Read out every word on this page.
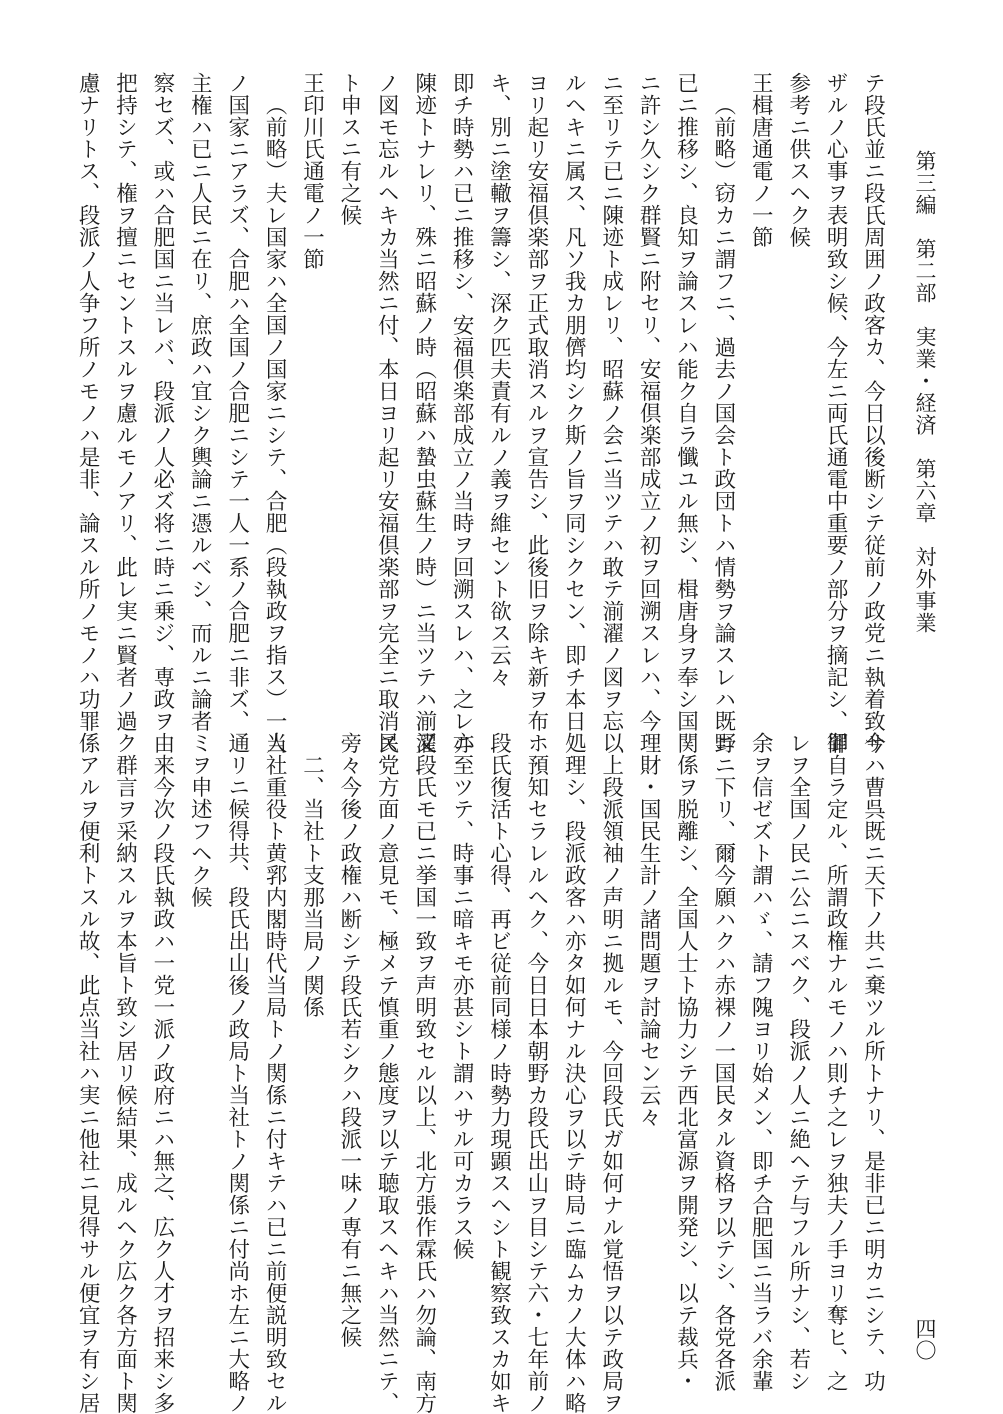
第三編　第二部　実業・経済　第六章　対外事業
四〇
テ段氏並ニ段氏周囲ノ政客カ、今日以後断シテ従前ノ政党ニ執着致サ
ザルノ心事ヲ表明致シ候、今左ニ両氏通電中重要ノ部分ヲ摘記シ、御
参考ニ供スヘク候
王楫唐通電ノ一節
（前略）窃カニ謂フニ、過去ノ国会ト政団トハ情勢ヲ論スレハ既ニ
已ニ推移シ、良知ヲ論スレハ能ク自ラ懺ユル無シ、楫唐身ヲ奉シ国
ニ許シ久シク群賢ニ附セリ、安福倶楽部成立ノ初ヲ回溯スレハ、今
ニ至リテ已ニ陳迹ト成レリ、昭蘇ノ会ニ当ツテハ敢テ湔濯ノ図ヲ忘
ルヘキニ属ス、凡ソ我カ朋儕均シク斯ノ旨ヲ同シクセン、即チ本日
ヨリ起リ安福倶楽部ヲ正式取消スルヲ宣告シ、此後旧ヲ除キ新ヲ布
キ、別ニ塗轍ヲ籌シ、深ク匹夫責有ルノ義ヲ維セント欲ス云々
即チ時勢ハ已ニ推移シ、安福倶楽部成立ノ当時ヲ回溯スレハ、之レ亦
陳迹トナレリ、殊ニ昭蘇ノ時（昭蘇ハ蟄虫蘇生ノ時）ニ当ツテハ湔濯
ノ図モ忘ルヘキカ当然ニ付、本日ヨリ起リ安福倶楽部ヲ完全ニ取消ス
ト申スニ有之候
王印川氏通電ノ一節
（前略）夫レ国家ハ全国ノ国家ニシテ、合肥（段執政ヲ指ス）一人
ノ国家ニアラズ、合肥ハ全国ノ合肥ニシテ一人一系ノ合肥ニ非ズ、
主権ハ已ニ人民ニ在リ、庶政ハ宜シク輿論ニ憑ルベシ、而ルニ論者
察セズ、或ハ合肥国ニ当レバ、段派ノ人必ズ将ニ時ニ乗ジ、専政ヲ
把持シテ、権ヲ擅ニセントスルヲ慮ルモノアリ、此レ実ニ賢者ノ過
慮ナリトス、段派ノ人争フ所ノモノハ是非、論スル所ノモノハ功罪
今ハ曹呉既ニ天下ノ共ニ棄ツル所トナリ、是非已ニ明カニシテ、功
罪自ラ定ル、所謂政権ナルモノハ則チ之レヲ独夫ノ手ヨリ奪ヒ、之
レヲ全国ノ民ニ公ニスベク、段派ノ人ニ絶ヘテ与フル所ナシ、若シ
余ヲ信ゼズト謂ハゞ、請フ隗ヨリ始メン、即チ合肥国ニ当ラバ余輩
野ニ下リ、爾今願ハクハ赤裸ノ一国民タル資格ヲ以テシ、各党各派
関係ヲ脱離シ、全国人士ト協力シテ西北富源ヲ開発シ、以テ裁兵・
理財・国民生計ノ諸問題ヲ討論セン云々
以上段派領袖ノ声明ニ拠ルモ、今回段氏ガ如何ナル覚悟ヲ以テ政局ヲ
処理シ、段派政客ハ亦タ如何ナル決心ヲ以テ時局ニ臨ムカノ大体ハ略
ホ預知セラレルヘク、今日日本朝野カ段氏出山ヲ目シテ六・七年前ノ
段氏復活ト心得、再ビ従前同様ノ時勢力現顕スヘシト観察致スカ如キ
ニ至ツテ、時事ニ暗キモ亦甚シト謂ハサル可カラス候
又段氏モ已ニ挙国一致ヲ声明致セル以上、北方張作霖氏ハ勿論、南方
民党方面ノ意見モ、極メテ慎重ノ態度ヲ以テ聴取スヘキハ当然ニテ、
旁々今後ノ政権ハ断シテ段氏若シクハ段派一味ノ専有ニ無之候
二、当社ト支那当局ノ関係
当社重役ト黄郛内閣時代当局トノ関係ニ付キテハ已ニ前便説明致セル
通リニ候得共、段氏出山後ノ政局ト当社トノ関係ニ付尚ホ左ニ大略ノ
ミヲ申述フヘク候
由来今次ノ段氏執政ハ一党一派ノ政府ニハ無之、広ク人才ヲ招来シ多
ク群言ヲ采納スルヲ本旨ト致シ居リ候結果、成ルヘク広ク各方面ト関
係アルヲ便利トスル故、此点当社ハ実ニ他社ニ見得サル便宜ヲ有シ居
